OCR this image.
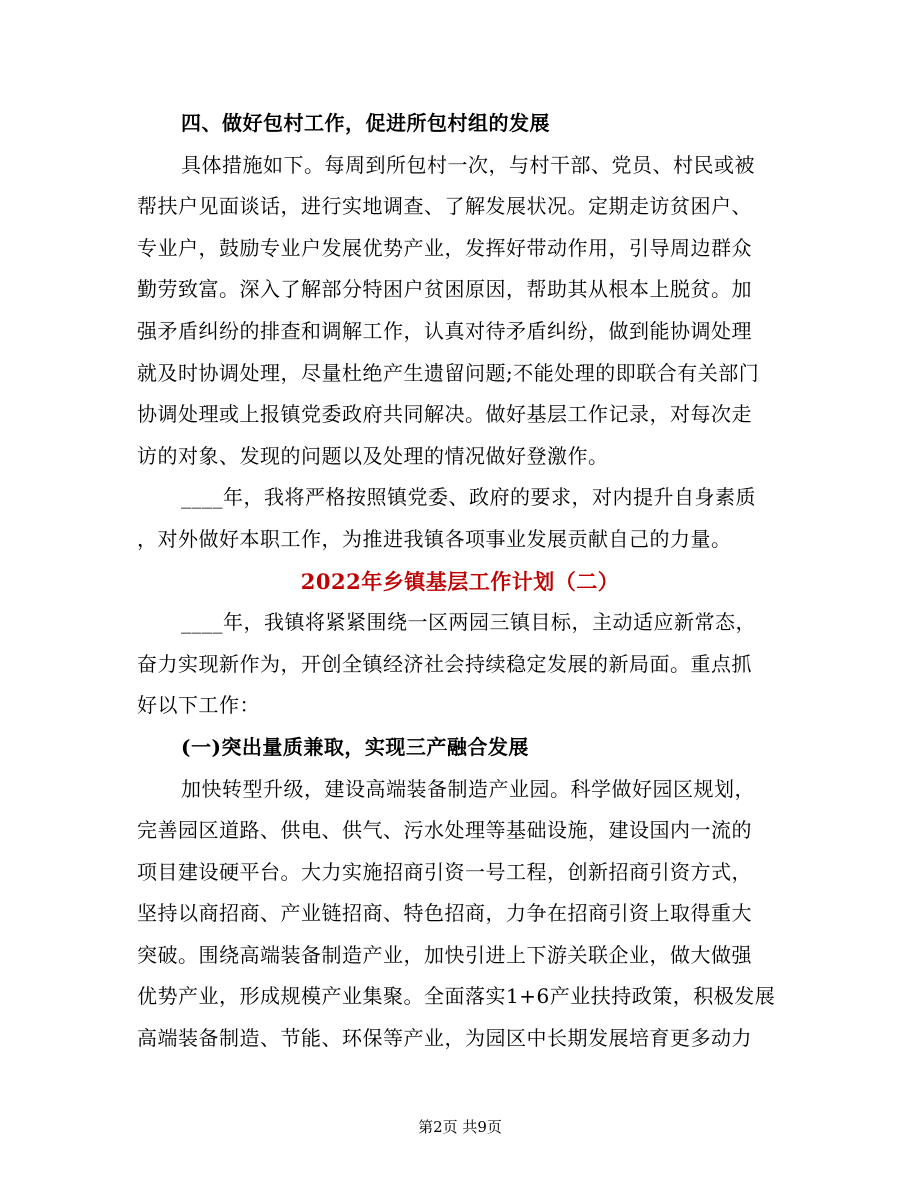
四、做好包村工作，促进所包村组的发展
具体措施如下。每周到所包村一次，与村干部、党员、村民或被
帮扶户见面谈话，进行实地调查、了解发展状况。定期走访贫困户、
专业户，鼓励专业户发展优势产业，发挥好带动作用，引导周边群众
勤劳致富。深入了解部分特困户贫困原因，帮助其从根本上脱贫。加
强矛盾纠纷的排查和调解工作，认真对待矛盾纠纷，做到能协调处理
就及时协调处理，尽量杜绝产生遗留问题;不能处理的即联合有关部门
协调处理或上报镇党委政府共同解决。做好基层工作记录，对每次走
访的对象、发现的问题以及处理的情况做好登激作。
____年，我将严格按照镇党委、政府的要求，对内提升自身素质
，对外做好本职工作，为推进我镇各项事业发展贡献自己的力量。
2022年乡镇基层工作计划（二）
____年，我镇将紧紧围绕一区两园三镇目标，主动适应新常态，
奋力实现新作为，开创全镇经济社会持续稳定发展的新局面。重点抓
好以下工作：
(一)突出量质兼取，实现三产融合发展
加快转型升级，建设高端装备制造产业园。科学做好园区规划，
完善园区道路、供电、供气、污水处理等基础设施，建设国内一流的
项目建设硬平台。大力实施招商引资一号工程，创新招商引资方式，
坚持以商招商、产业链招商、特色招商，力争在招商引资上取得重大
突破。围绕高端装备制造产业，加快引进上下游关联企业，做大做强
优势产业，形成规模产业集聚。全面落实1+6产业扶持政策，积极发展
高端装备制造、节能、环保等产业，为园区中长期发展培育更多动力
第2页 共9页
